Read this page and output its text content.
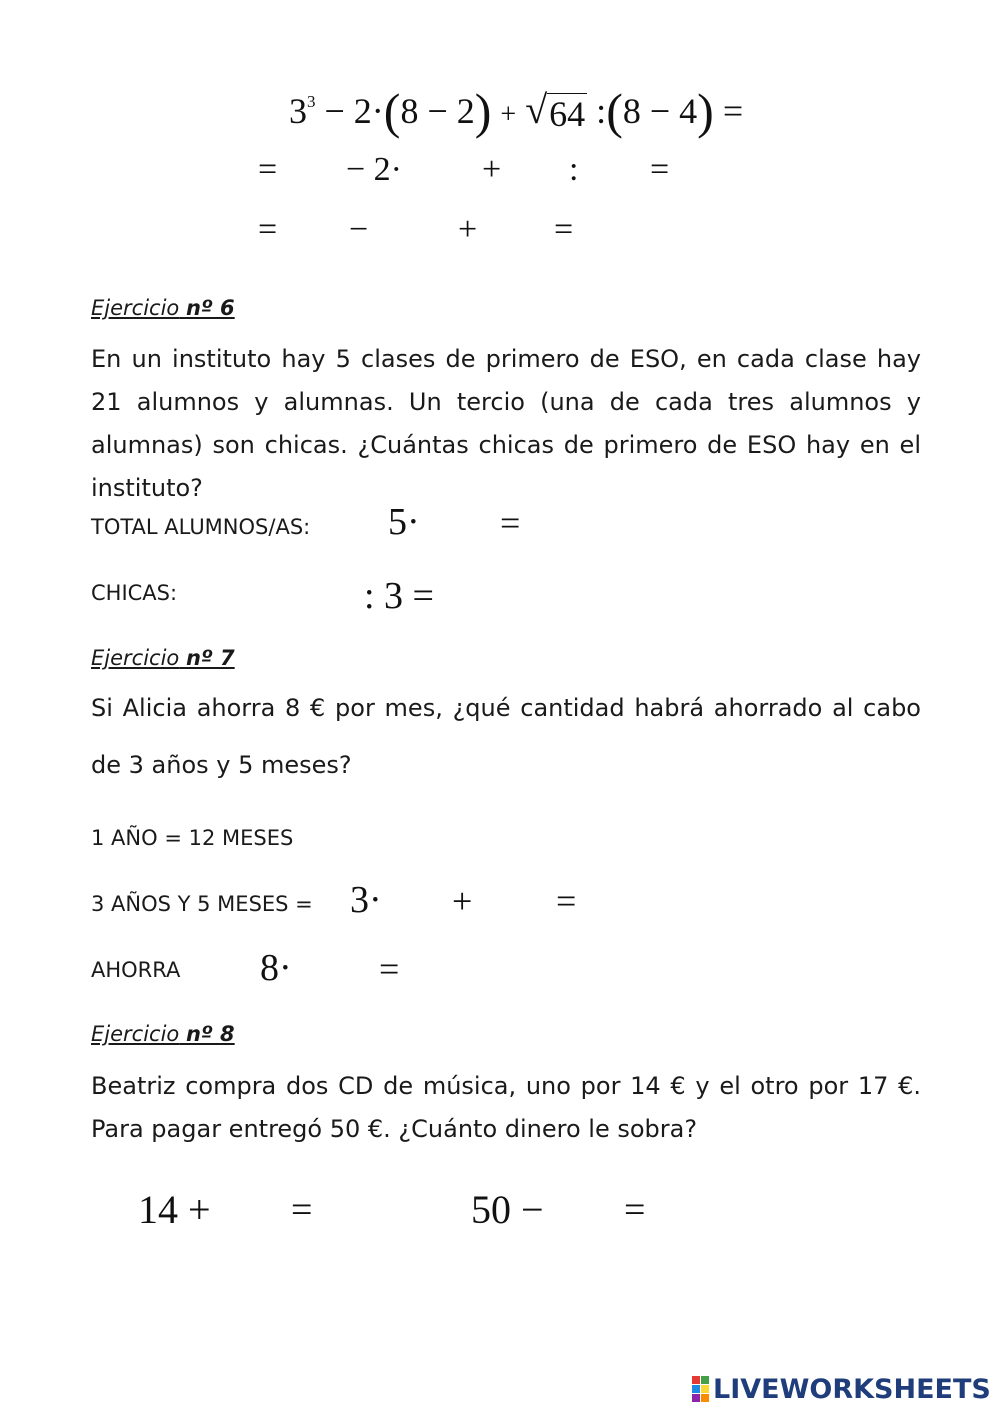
$3^3 - 2\cdot(8 - 2)$ + √ 64 :(8 − 4) =
= − 2· + : =
= −	+ =
Ejercicio nº 6
En un instituto hay 5 clases de primero de ESO, en cada clase hay 21 alumnos y alumnas. Un tercio (una de cada tres alumnos y alumnas) son chicas. ¿Cuántas chicas de primero de ESO hay en el instituto?
TOTAL ALUMNOS/AS: 5· =
CHICAS:	: 3 =
Ejercicio nº 7
Si Alicia ahorra 8 € por mes, ¿qué cantidad habrá ahorrado al cabo
de 3 años y 5 meses?
1 AÑO = 12 MESES
3 AÑOS Y 5 MESES = 3· + =
AHORRA 8· =
Ejercicio nº 8
Beatriz compra dos CD de música, uno por 14 € y el otro por 17 €. Para pagar entregó 50 €. ¿Cuánto dinero le sobra?
14 + =	50 − =
LIVEWORKSHEETS
